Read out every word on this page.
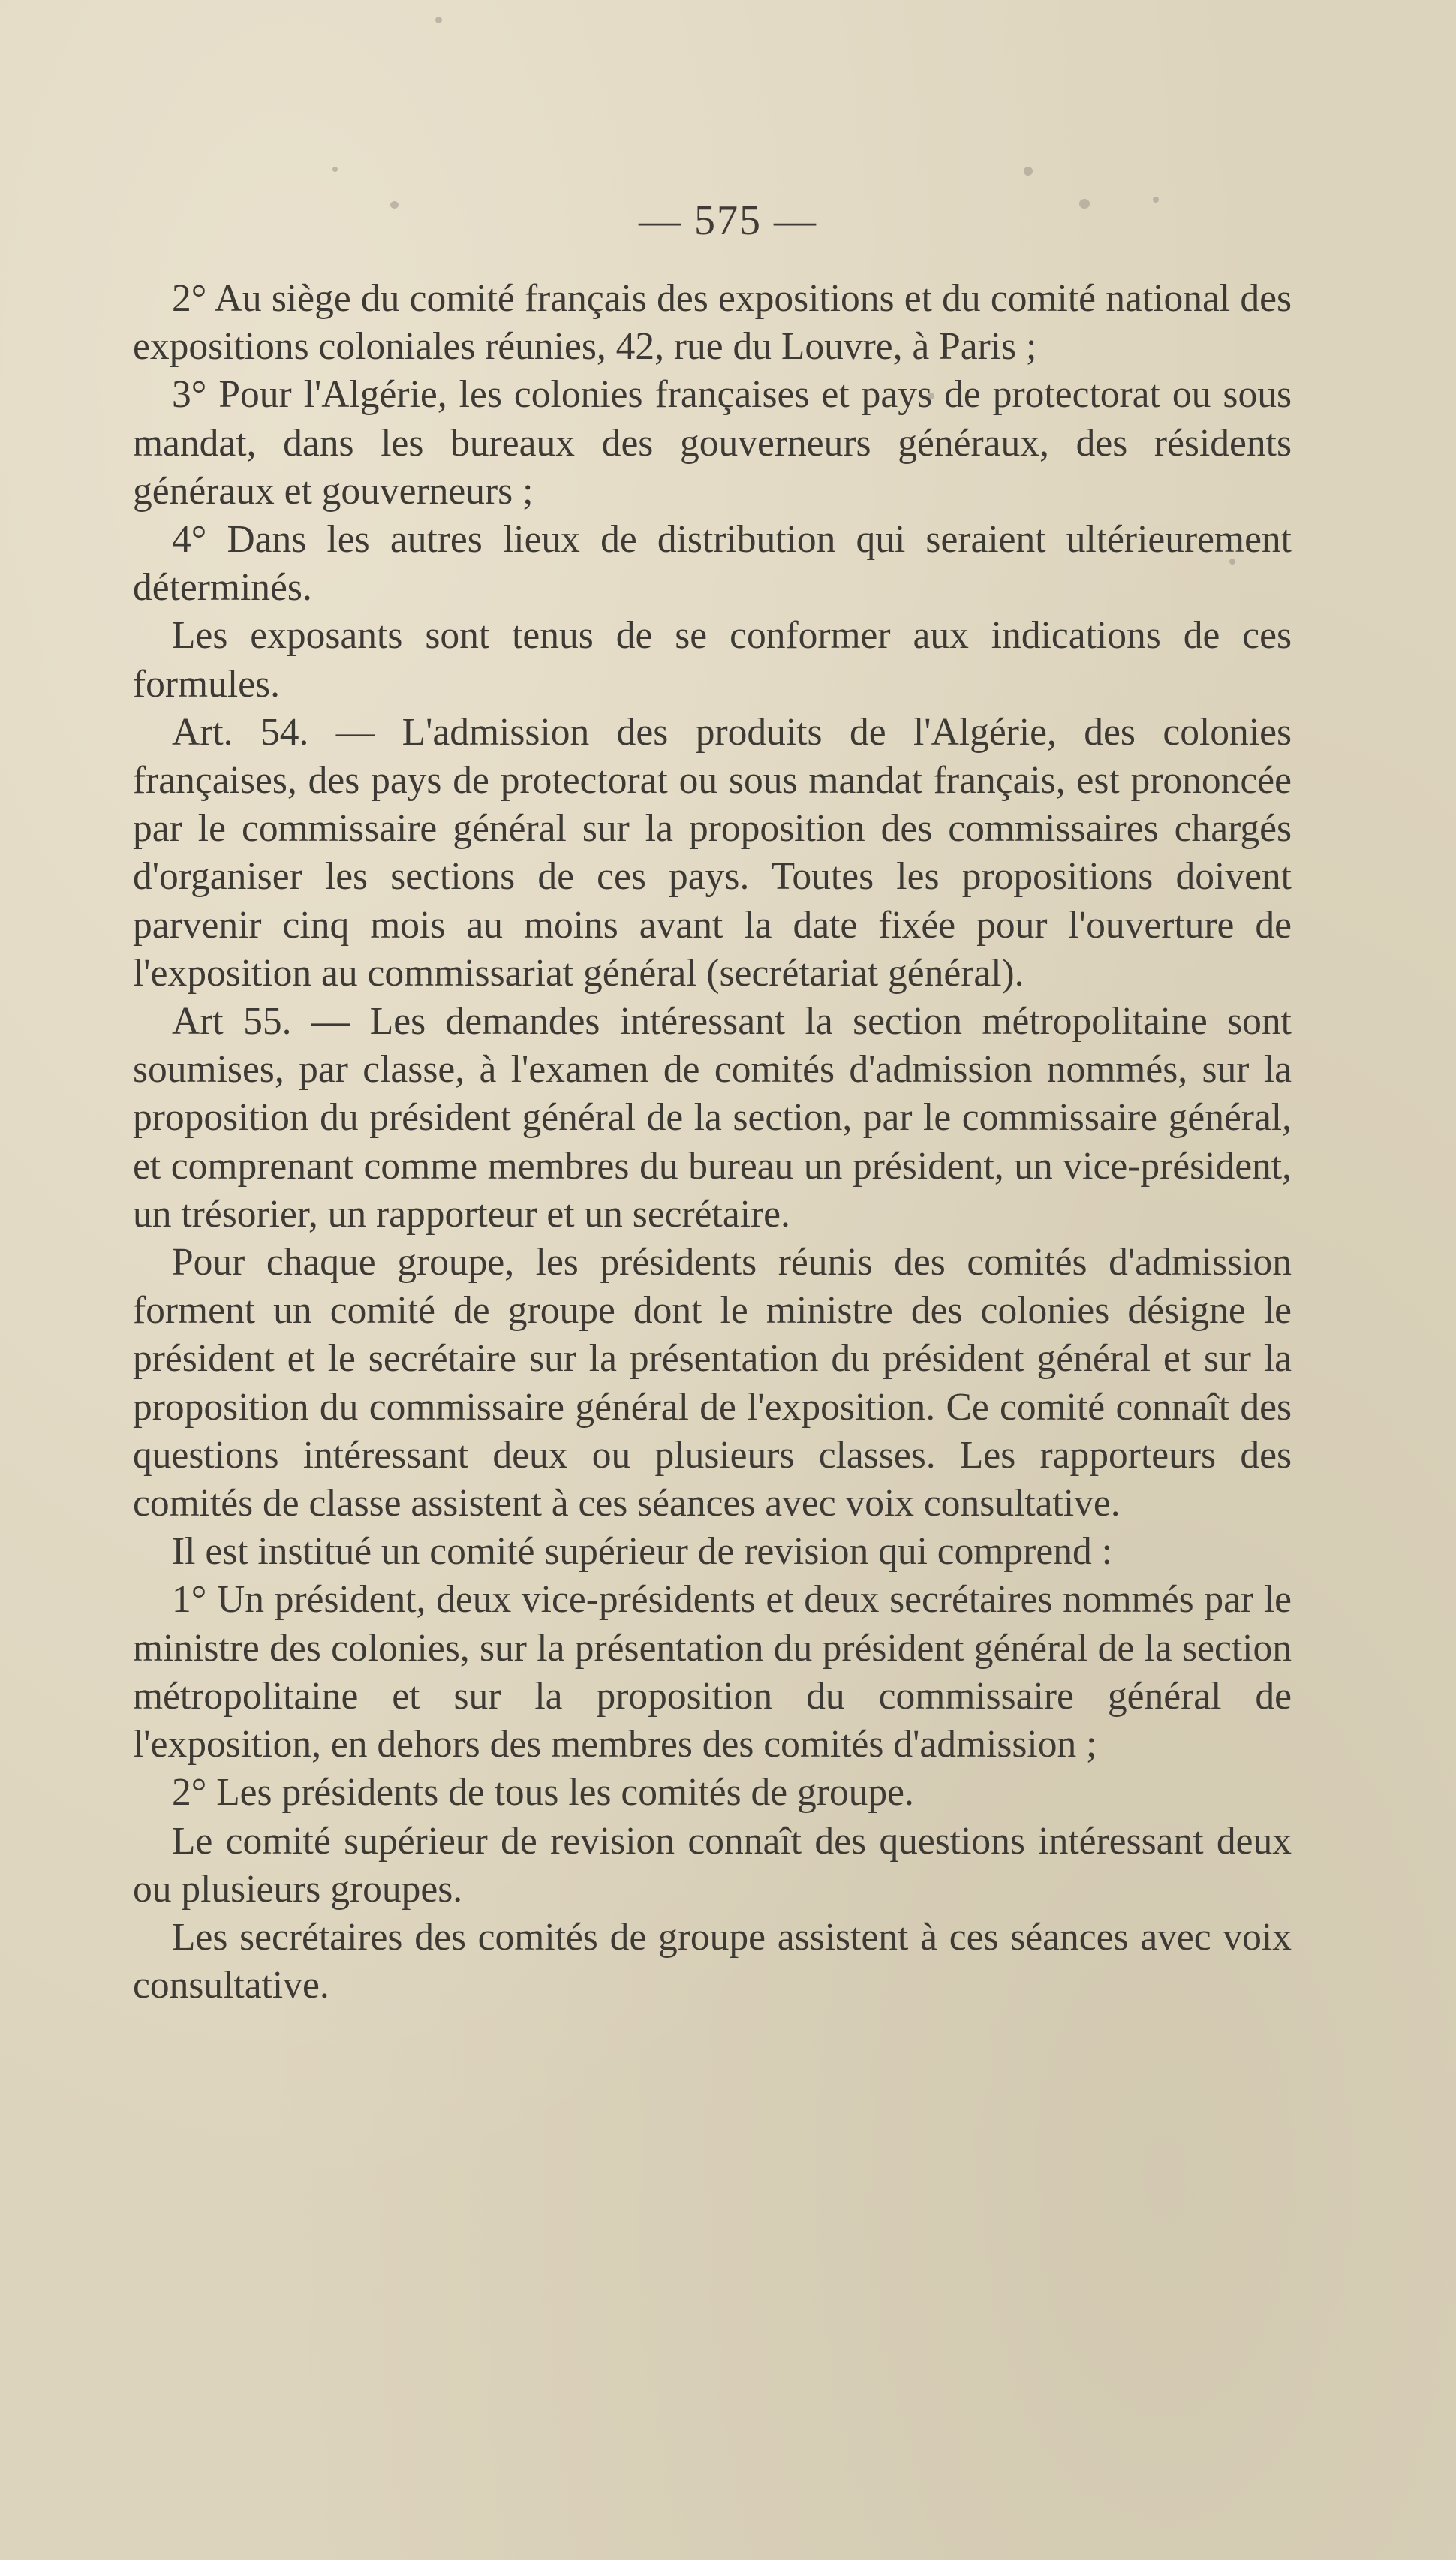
— 575 —

2° Au siège du comité français des expositions et du comité national des expositions coloniales réunies, 42, rue du Louvre, à Paris ;

3° Pour l'Algérie, les colonies françaises et pays de protectorat ou sous mandat, dans les bureaux des gouverneurs généraux, des résidents généraux et gouverneurs ;

4° Dans les autres lieux de distribution qui seraient ultérieurement déterminés.

Les exposants sont tenus de se conformer aux indications de ces formules.

Art. 54. — L'admission des produits de l'Algérie, des colonies françaises, des pays de protectorat ou sous mandat français, est prononcée par le commissaire général sur la proposition des commissaires chargés d'organiser les sections de ces pays. Toutes les propositions doivent parvenir cinq mois au moins avant la date fixée pour l'ouverture de l'exposition au commissariat général (secrétariat général).

Art 55. — Les demandes intéressant la section métropolitaine sont soumises, par classe, à l'examen de comités d'admission nommés, sur la proposition du président général de la section, par le commissaire général, et comprenant comme membres du bureau un président, un vice-président, un trésorier, un rapporteur et un secrétaire.

Pour chaque groupe, les présidents réunis des comités d'admission forment un comité de groupe dont le ministre des colonies désigne le président et le secrétaire sur la présentation du président général et sur la proposition du commissaire général de l'exposition. Ce comité connaît des questions intéressant deux ou plusieurs classes. Les rapporteurs des comités de classe assistent à ces séances avec voix consultative.

Il est institué un comité supérieur de revision qui comprend :

1° Un président, deux vice-présidents et deux secrétaires nommés par le ministre des colonies, sur la présentation du président général de la section métropolitaine et sur la proposition du commissaire général de l'exposition, en dehors des membres des comités d'admission ;

2° Les présidents de tous les comités de groupe.

Le comité supérieur de revision connaît des questions intéressant deux ou plusieurs groupes.

Les secrétaires des comités de groupe assistent à ces séances avec voix consultative.
